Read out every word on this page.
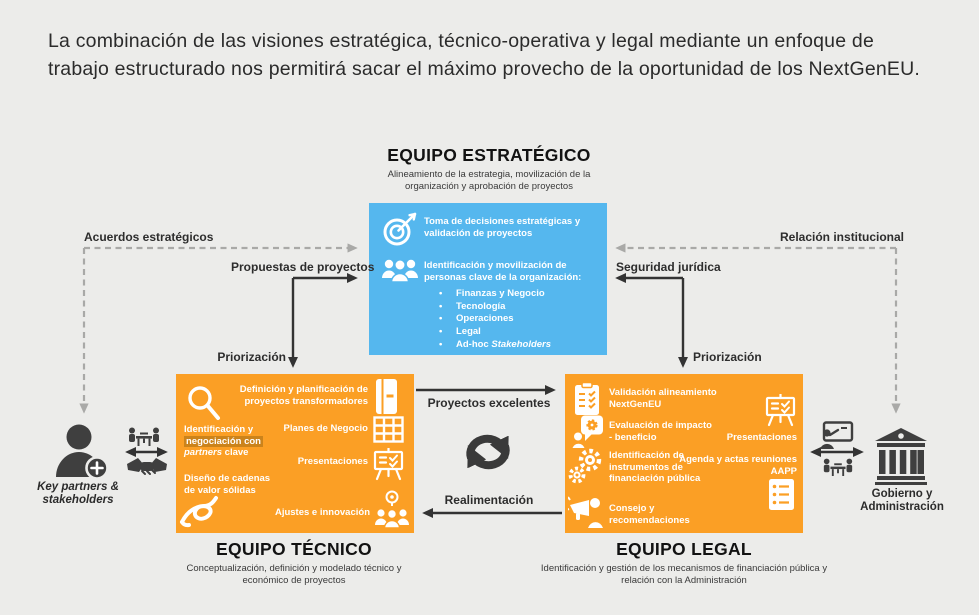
La combinación de las visiones estratégica, técnico-operativa y legal mediante un enfoque de trabajo estructurado nos permitirá sacar el máximo provecho de la oportunidad de los NextGenEU.

EQUIPO ESTRATÉGICO
Alineamiento de la estrategia, movilización de la organización y aprobación de proyectos
Toma de decisiones estratégicas y validación de proyectos
Identificación y movilización de personas clave de la organización:
• Finanzas y Negocio
• Tecnología
• Operaciones
• Legal
• Ad-hoc Stakeholders
Acuerdos estratégicos	Relación institucional
Propuestas de proyectos	Seguridad jurídica
Priorización	Priorización
Proyectos excelentes
Realimentación
Identificación y
negociación con
partners clave
Diseño de cadenas de valor sólidas
Definición y planificación de proyectos transformadores
Planes de Negocio
Presentaciones
Ajustes e innovación
Validación alineamiento NextGenEU
Evaluación de impacto - beneficio
Identificación de instrumentos de financiación pública
Consejo y recomendaciones
Presentaciones
Agenda y actas reuniones AAPP
EQUIPO TÉCNICO
Conceptualización, definición y modelado técnico y económico de proyectos
EQUIPO LEGAL
Identificación y gestión de los mecanismos de financiación pública y relación con la Administración
Key partners & stakeholders	Gobierno y Administración
